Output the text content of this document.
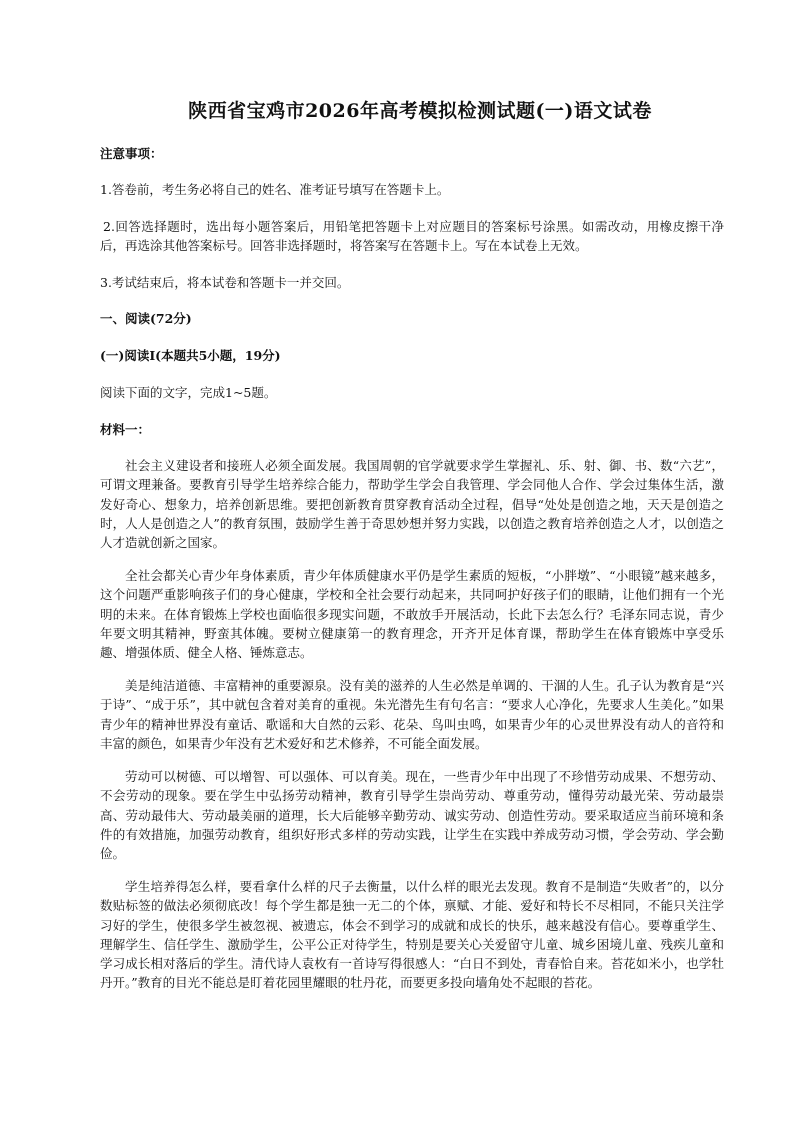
陕西省宝鸡市2026年高考模拟检测试题(一)语文试卷
注意事项：
1.答卷前，考生务必将自己的姓名、准考证号填写在答题卡上。
2.回答选择题时，选出每小题答案后，用铅笔把答题卡上对应题目的答案标号涂黑。如需改动，用橡皮擦干净后，再选涂其他答案标号。回答非选择题时，将答案写在答题卡上。写在本试卷上无效。
3.考试结束后，将本试卷和答题卡一并交回。
一、阅读(72分)
(一)阅读Ⅰ(本题共5小题，19分)
阅读下面的文字，完成1~5题。
材料一：
社会主义建设者和接班人必须全面发展。我国周朝的官学就要求学生掌握礼、乐、射、御、书、数“六艺”，可谓文理兼备。要教育引导学生培养综合能力，帮助学生学会自我管理、学会同他人合作、学会过集体生活，激发好奇心、想象力，培养创新思维。要把创新教育贯穿教育活动全过程，倡导“处处是创造之地，天天是创造之时，人人是创造之人”的教育氛围，鼓励学生善于奇思妙想并努力实践，以创造之教育培养创造之人才，以创造之人才造就创新之国家。
全社会都关心青少年身体素质，青少年体质健康水平仍是学生素质的短板，“小胖墩”、“小眼镜”越来越多，这个问题严重影响孩子们的身心健康，学校和全社会要行动起来，共同呵护好孩子们的眼睛，让他们拥有一个光明的未来。在体育锻炼上学校也面临很多现实问题，不敢放手开展活动，长此下去怎么行？毛泽东同志说，青少年要文明其精神，野蛮其体魄。要树立健康第一的教育理念，开齐开足体育课，帮助学生在体育锻炼中享受乐趣、增强体质、健全人格、锤炼意志。
美是纯洁道德、丰富精神的重要源泉。没有美的滋养的人生必然是单调的、干涸的人生。孔子认为教育是“兴于诗”、“成于乐”，其中就包含着对美育的重视。朱光潜先生有句名言：“要求人心净化，先要求人生美化。”如果青少年的精神世界没有童话、歌谣和大自然的云彩、花朵、鸟叫虫鸣，如果青少年的心灵世界没有动人的音符和丰富的颜色，如果青少年没有艺术爱好和艺术修养，不可能全面发展。
劳动可以树德、可以增智、可以强体、可以育美。现在，一些青少年中出现了不珍惜劳动成果、不想劳动、不会劳动的现象。要在学生中弘扬劳动精神，教育引导学生崇尚劳动、尊重劳动，懂得劳动最光荣、劳动最崇高、劳动最伟大、劳动最美丽的道理，长大后能够辛勤劳动、诚实劳动、创造性劳动。要采取适应当前环境和条件的有效措施，加强劳动教育，组织好形式多样的劳动实践，让学生在实践中养成劳动习惯，学会劳动、学会勤俭。
学生培养得怎么样，要看拿什么样的尺子去衡量，以什么样的眼光去发现。教育不是制造“失败者”的，以分数贴标签的做法必须彻底改！每个学生都是独一无二的个体，禀赋、才能、爱好和特长不尽相同，不能只关注学习好的学生，使很多学生被忽视、被遗忘，体会不到学习的成就和成长的快乐，越来越没有信心。要尊重学生、理解学生、信任学生、激励学生，公平公正对待学生，特别是要关心关爱留守儿童、城乡困境儿童、残疾儿童和学习成长相对落后的学生。清代诗人袁枚有一首诗写得很感人：“白日不到处，青春恰自来。苔花如米小，也学牡丹开。”教育的目光不能总是盯着花园里耀眼的牡丹花，而要更多投向墙角处不起眼的苔花。
